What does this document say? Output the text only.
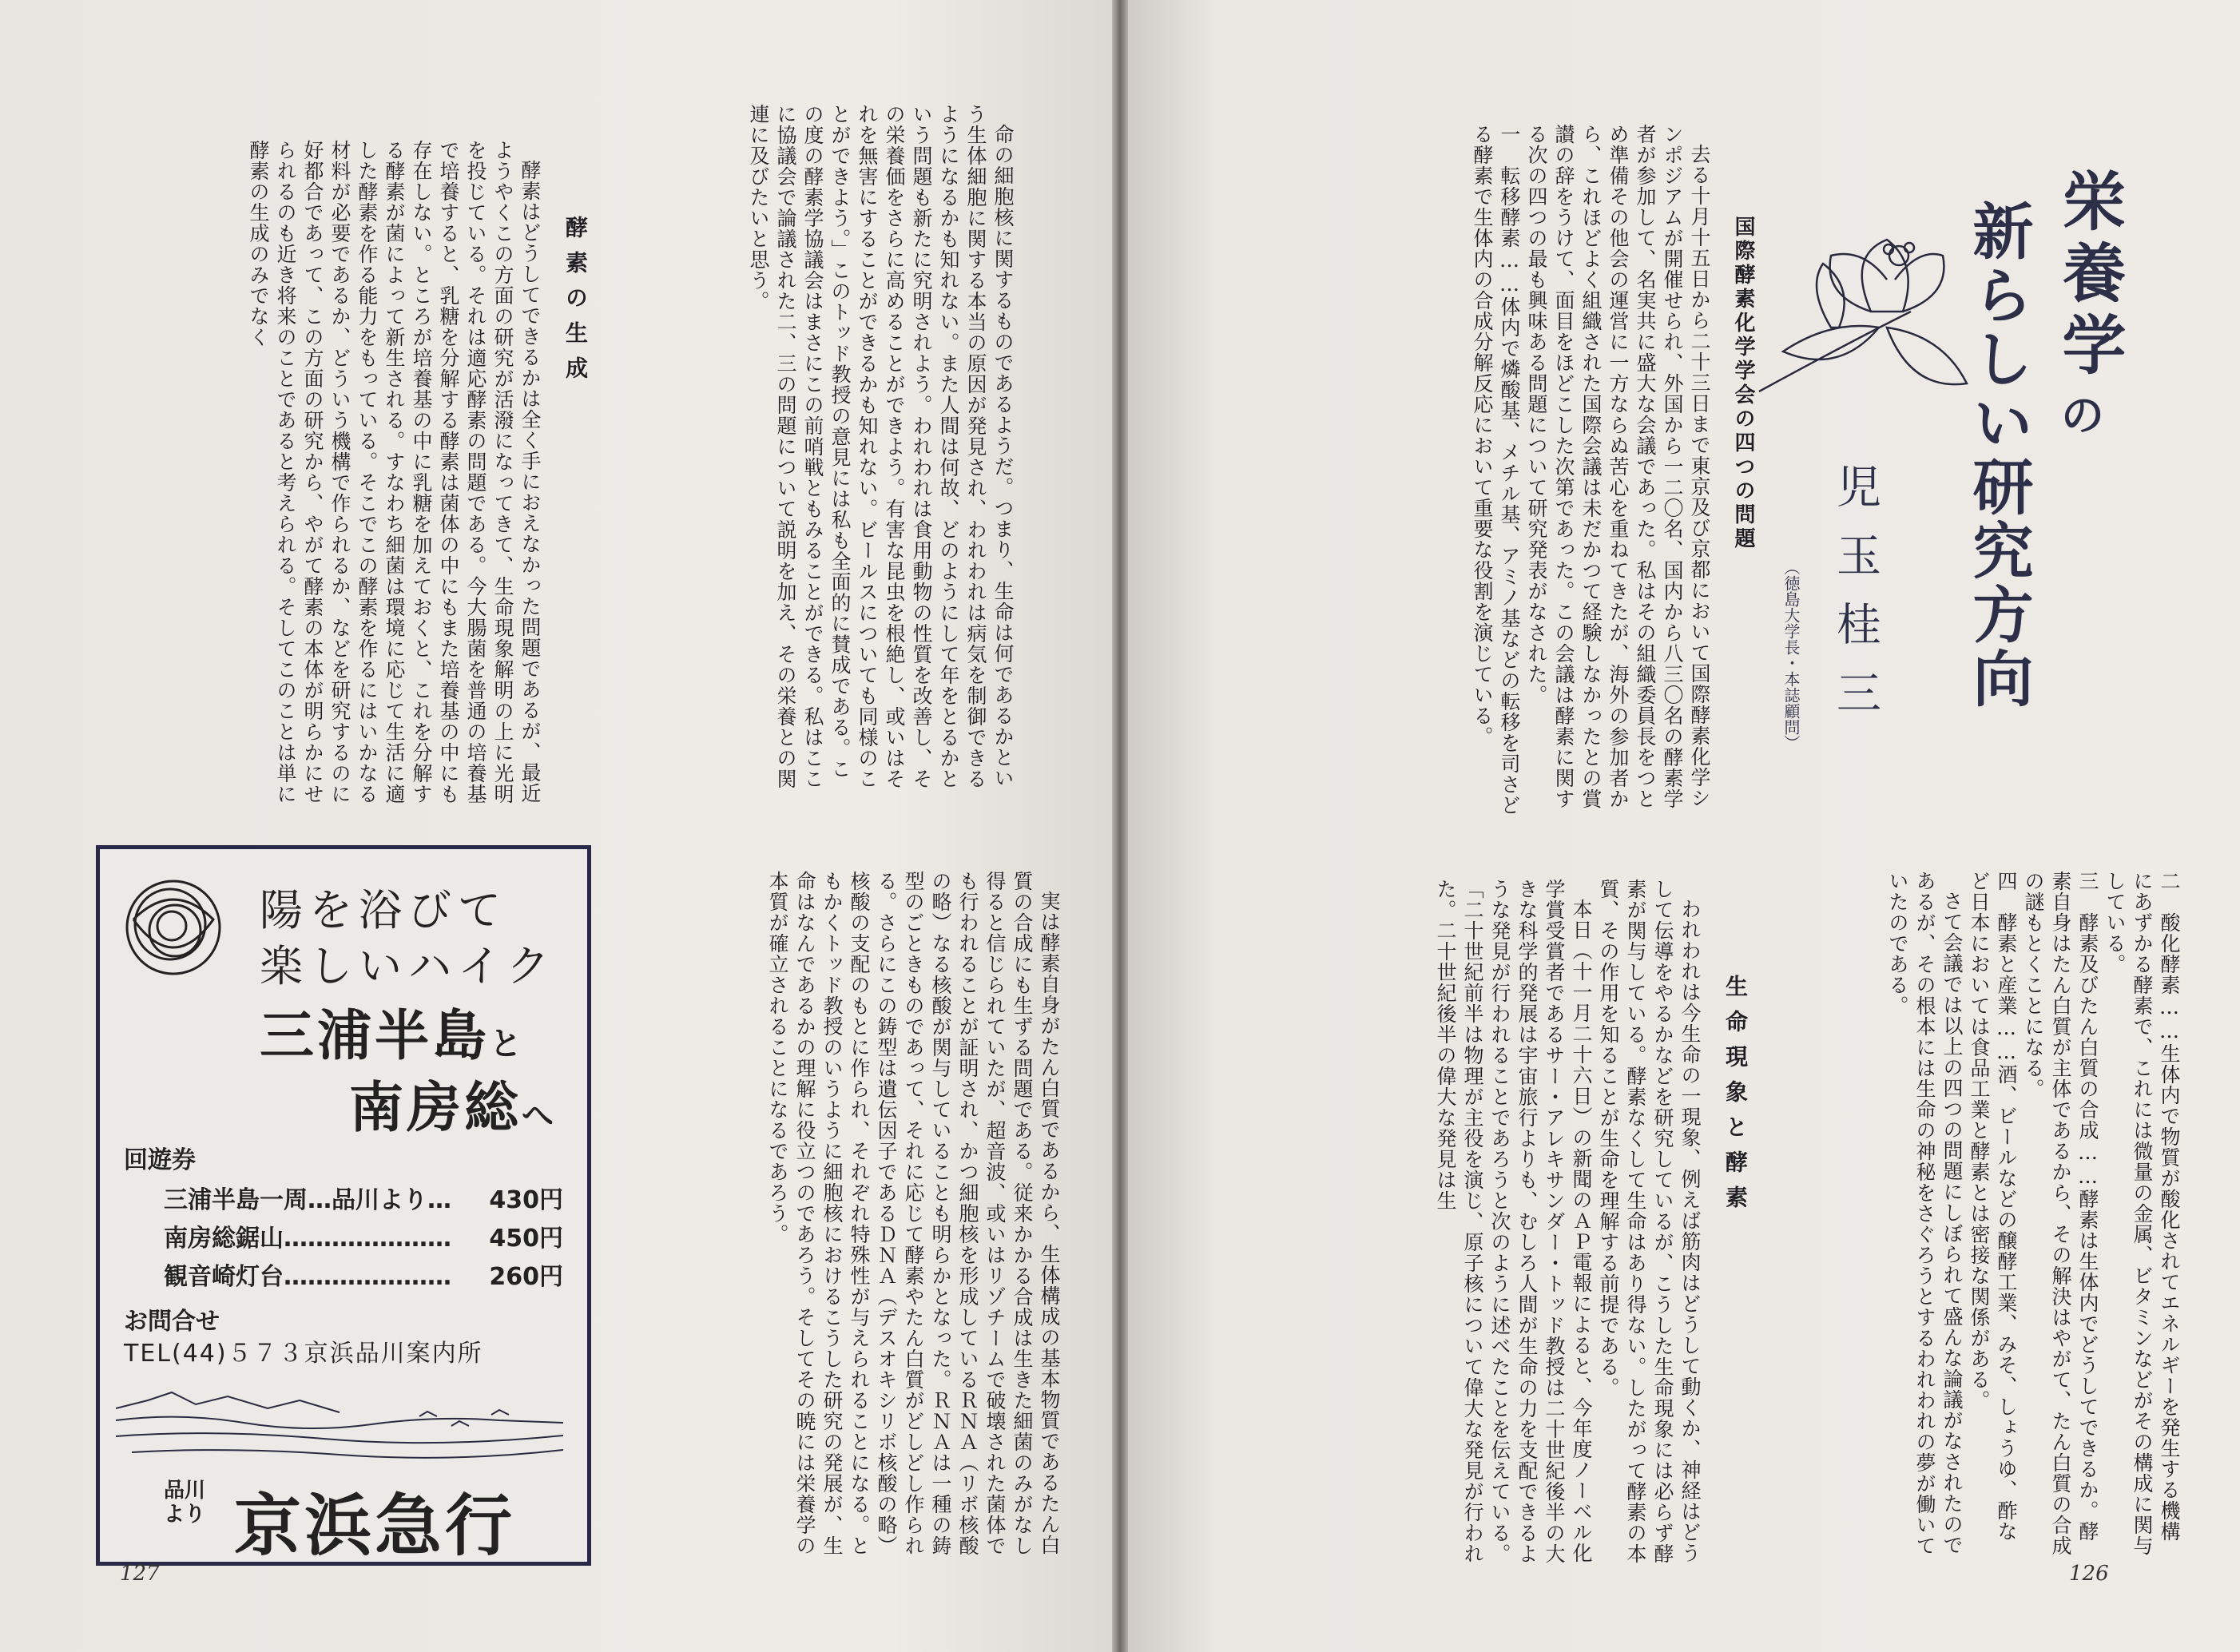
命の細胞核に関するものであるようだ。つまり、生命は何であるかという生体細胞に関する本当の原因が発見され、われわれは病気を制御できるようになるかも知れない。また人間は何故、どのようにして年をとるかという問題も新たに究明されよう。われわれは食用動物の性質を改善し、その栄養価をさらに高めることができよう。有害な昆虫を根絶し、或いはそれを無害にすることができるかも知れない。ビールスについても同様のことができよう。」このトッド教授の意見には私も全面的に賛成である。この度の酵素学協議会はまさにこの前哨戦ともみることができる。私はここに協議会で論議された二、三の問題について説明を加え、その栄養との関連に及びたいと思う。

酵素の生成

酵素はどうしてできるかは全く手におえなかった問題であるが、最近ようやくこの方面の研究が活潑になってきて、生命現象解明の上に光明を投じている。それは適応酵素の問題である。今大腸菌を普通の培養基で培養すると、乳糖を分解する酵素は菌体の中にもまた培養基の中にも存在しない。ところが培養基の中に乳糖を加えておくと、これを分解する酵素が菌によって新生される。すなわち細菌は環境に応じて生活に適した酵素を作る能力をもっている。そこでこの酵素を作るにはいかなる材料が必要であるか、どういう機構で作られるか、などを研究するのに好都合であって、この方面の研究から、やがて酵素の本体が明らかにせられるのも近き将来のことであると考えられる。そしてこのことは単に酵素の生成のみでなく

実は酵素自身がたん白質であるから、生体構成の基本物質であるたん白質の合成にも生ずる問題である。従来かかる合成は生きた細菌のみがなし得ると信じられていたが、超音波、或いはリゾチームで破壊された菌体でも行われることが証明され、かつ細胞核を形成しているＲＮＡ（リボ核酸の略）なる核酸が関与していることも明らかとなった。ＲＮＡは一種の鋳型のごときものであって、それに応じて酵素やたん白質がどしどし作られる。さらにこの鋳型は遺伝因子であるＤＮＡ（デスオキシリボ核酸の略）核酸の支配のもとに作られ、それぞれ特殊性が与えられることになる。ともかくトッド教授のいうように細胞核におけるこうした研究の発展が、生命はなんであるかの理解に役立つのであろう。そしてその暁には栄養学の本質が確立されることになるであろう。

陽を浴びて
楽しいハイク
三浦半島と
南房総へ
回遊券
三浦半島一周…品川より… 430円
南房総鋸山………………… 450円
観音崎灯台………………… 260円
お問合せ
TEL(44)５７３京浜品川案内所
品川
より 京浜急行
127
栄養学
の
新らしい研究方向
児玉桂三
（徳島大学長・本誌顧問）
国際酵素化学学会の四つの問題

去る十月十五日から二十三日まで東京及び京都において国際酵素化学シンポジアムが開催せられ、外国から一二〇名、国内から八三〇名の酵素学者が参加して、名実共に盛大な会議であった。私はその組織委員長をつとめ準備その他会の運営に一方ならぬ苦心を重ねてきたが、海外の参加者から、これほどよく組織された国際会議は未だかつて経験しなかったとの賞讃の辞をうけて、面目をほどこした次第であった。この会議は酵素に関する次の四つの最も興味ある問題について研究発表がなされた。

一　転移酵素……体内で燐酸基、メチル基、アミノ基などの転移を司さどる酵素で生体内の合成分解反応において重要な役割を演じている。

二　酸化酵素……生体内で物質が酸化されてエネルギーを発生する機構にあずかる酵素で、これには微量の金属、ビタミンなどがその構成に関与している。

三　酵素及びたん白質の合成……酵素は生体内でどうしてできるか。酵素自身はたん白質が主体であるから、その解決はやがて、たん白質の合成の謎もとくことになる。

四　酵素と産業……酒、ビールなどの醸酵工業、みそ、しょうゆ、酢など日本においては食品工業と酵素とは密接な関係がある。

さて会議では以上の四つの問題にしぼられて盛んな論議がなされたのであるが、その根本には生命の神秘をさぐろうとするわれわれの夢が働いていたのである。

生命現象と酵素

われわれは今生命の一現象、例えば筋肉はどうして動くか、神経はどうして伝導をやるかなどを研究しているが、こうした生命現象には必らず酵素が関与している。酵素なくして生命はあり得ない。したがって酵素の本質、その作用を知ることが生命を理解する前提である。

本日（十一月二十六日）の新聞のＡＰ電報によると、今年度ノーベル化学賞受賞者であるサー・アレキサンダー・トッド教授は二十世紀後半の大きな科学的発展は宇宙旅行よりも、むしろ人間が生命の力を支配できるような発見が行われることであろうと次のように述べたことを伝えている。「二十世紀前半は物理が主役を演じ、原子核について偉大な発見が行われた。二十世紀後半の偉大な発見は生

126
